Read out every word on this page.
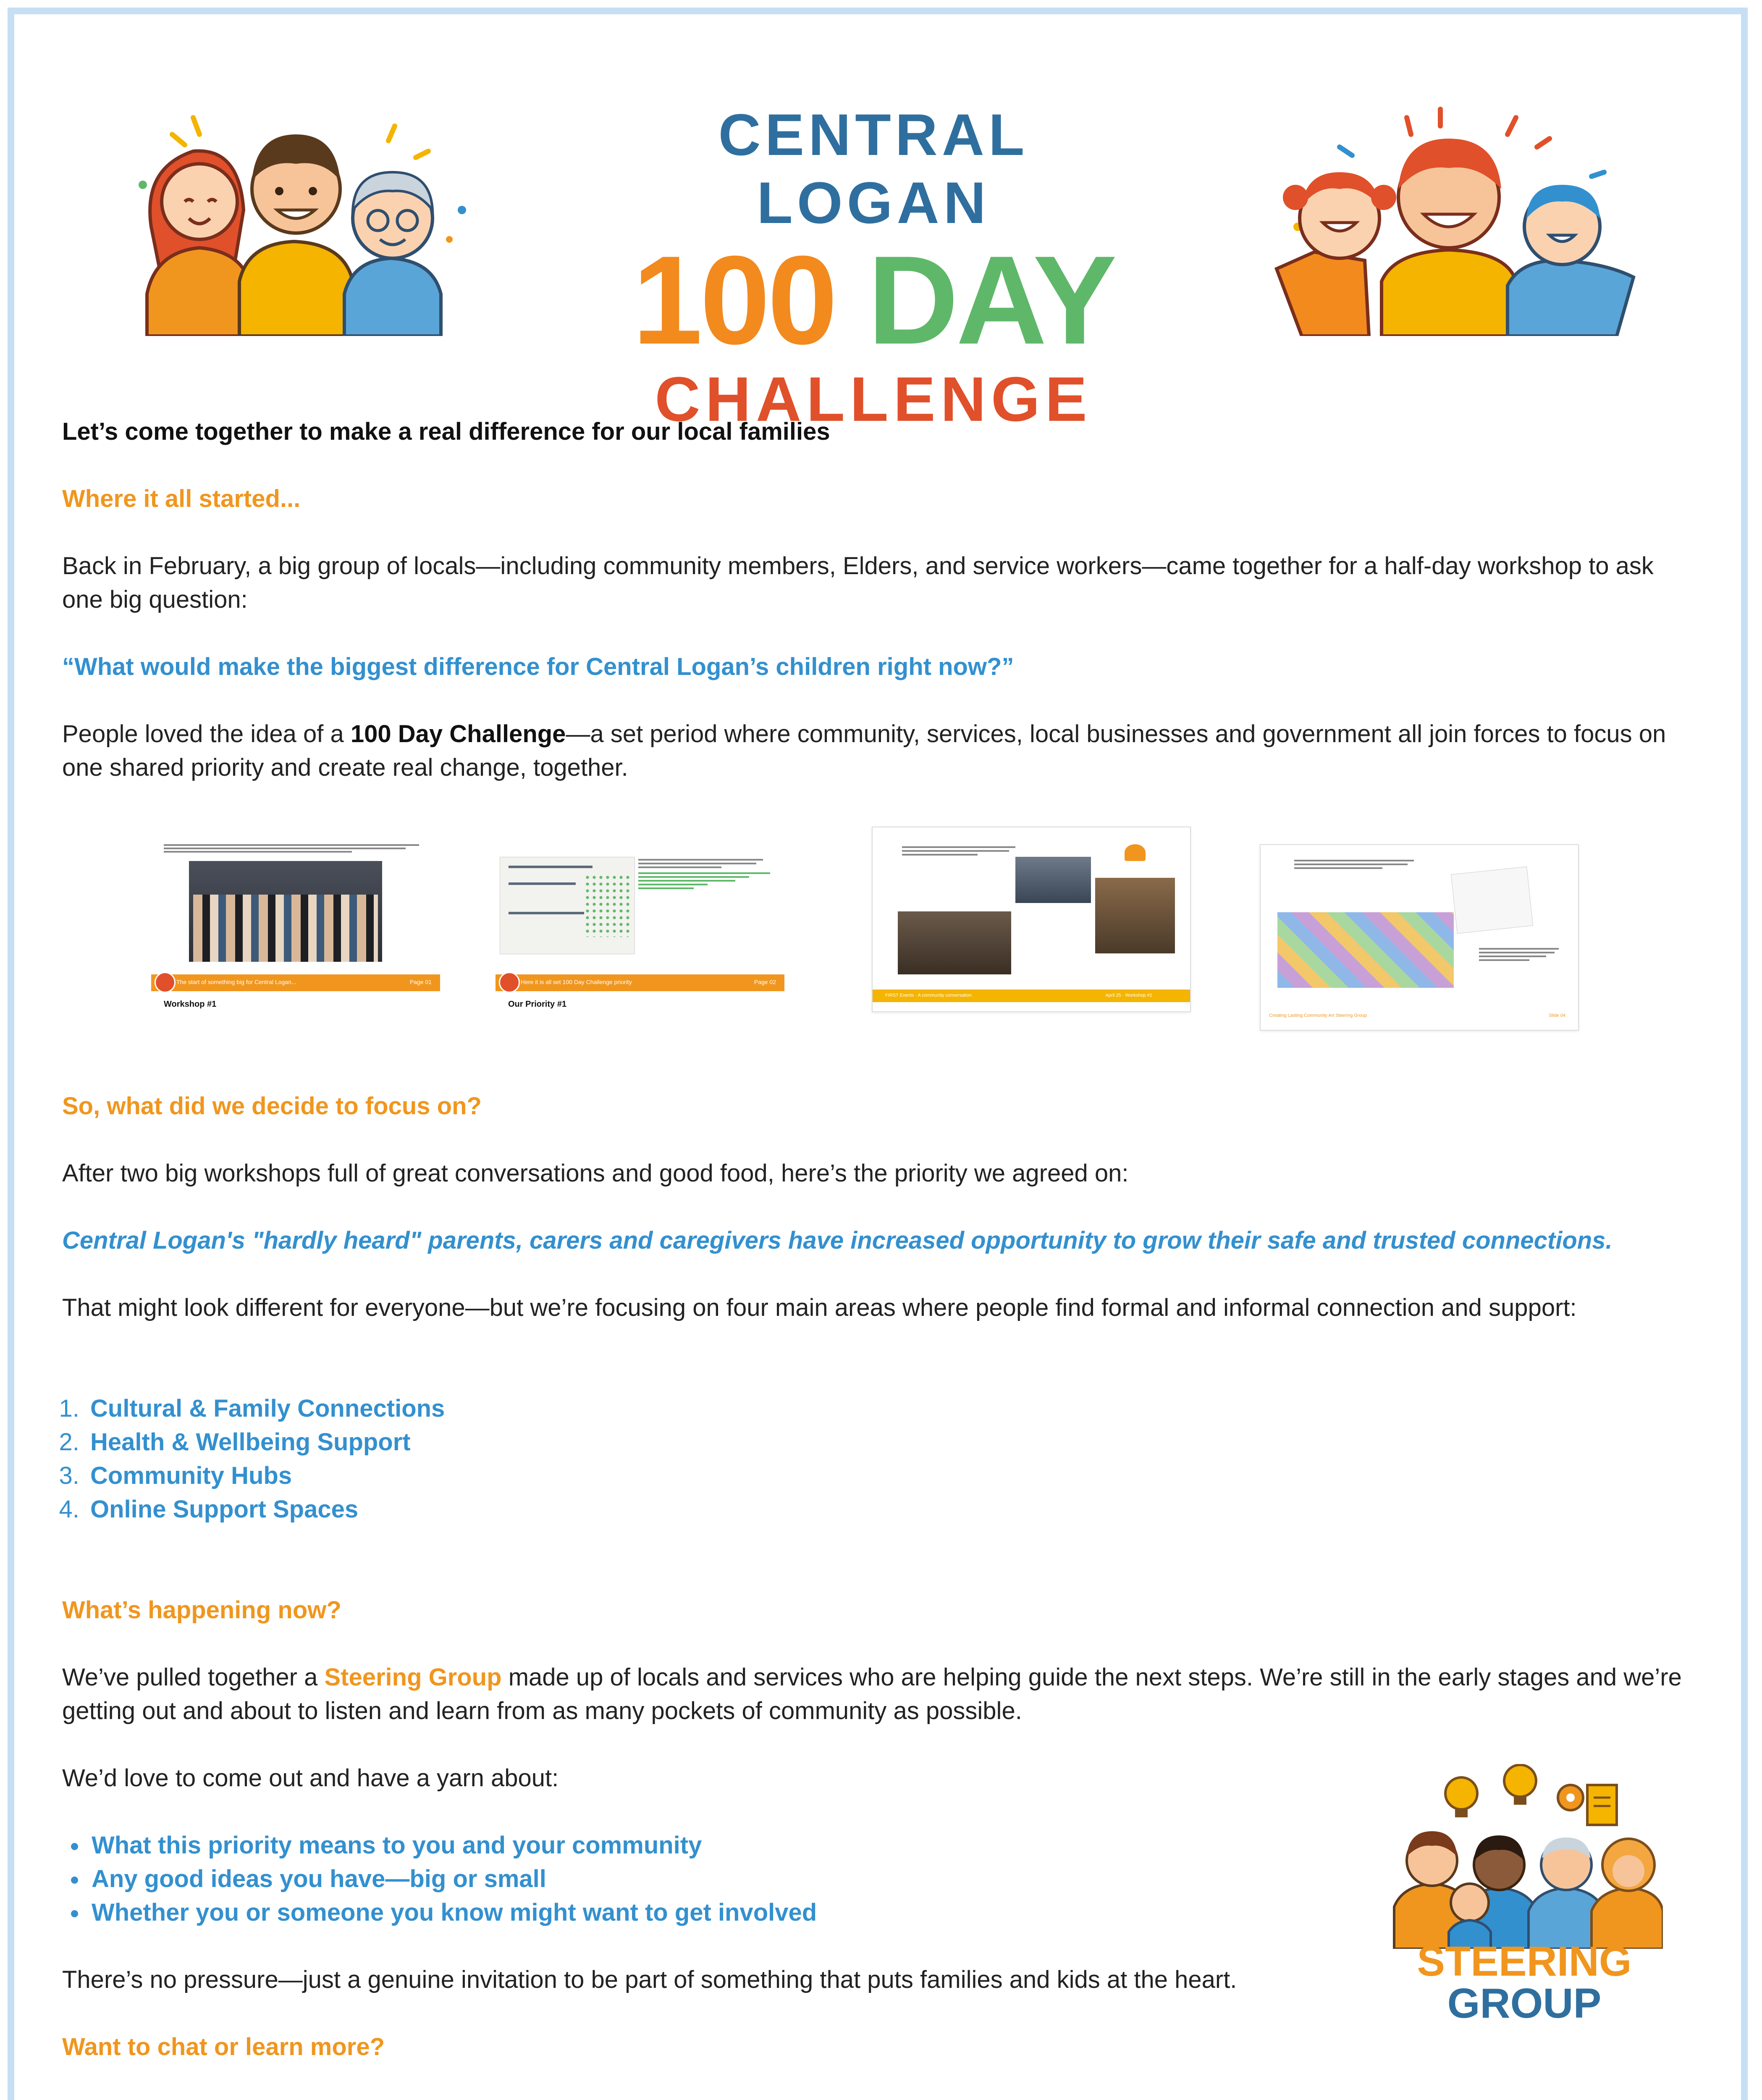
CENTRAL LOGAN
100 DAY
CHALLENGE
Let’s come together to make a real difference for our local families
Where it all started...
Back in February, a big group of locals—including community members, Elders, and service workers—came together for a half-day workshop to ask one big question:
“What would make the biggest difference for Central Logan’s children right now?”
People loved the idea of a 100 Day Challenge—a set period where community, services, local businesses and government all join forces to focus on one shared priority and create real change, together.
The start of something big for Central Logan...	Page 01
Workshop #1
Here it is all set 100 Day Challenge priority	Page 02
Our Priority #1
FIRST Events · A community conversation	April 25 · Workshop #2
Creating Lasting Community Art Steering Group	Slide 04
So, what did we decide to focus on?
After two big workshops full of great conversations and good food, here’s the priority we agreed on:
Central Logan's "hardly heard" parents, carers and caregivers have increased opportunity to grow their safe and trusted connections.
That might look different for everyone—but we’re focusing on four main areas where people find formal and informal connection and support:
1. Cultural & Family Connections
2. Health & Wellbeing Support
3. Community Hubs
4. Online Support Spaces
What’s happening now?
We’ve pulled together a Steering Group made up of locals and services who are helping guide the next steps. We’re still in the early stages and we’re getting out and about to listen and learn from as many pockets of community as possible.
We’d love to come out and have a yarn about:
• What this priority means to you and your community
• Any good ideas you have—big or small
• Whether you or someone you know might want to get involved
There’s no pressure—just a genuine invitation to be part of something that puts families and kids at the heart.	STEERING
GROUP
Want to chat or learn more?
